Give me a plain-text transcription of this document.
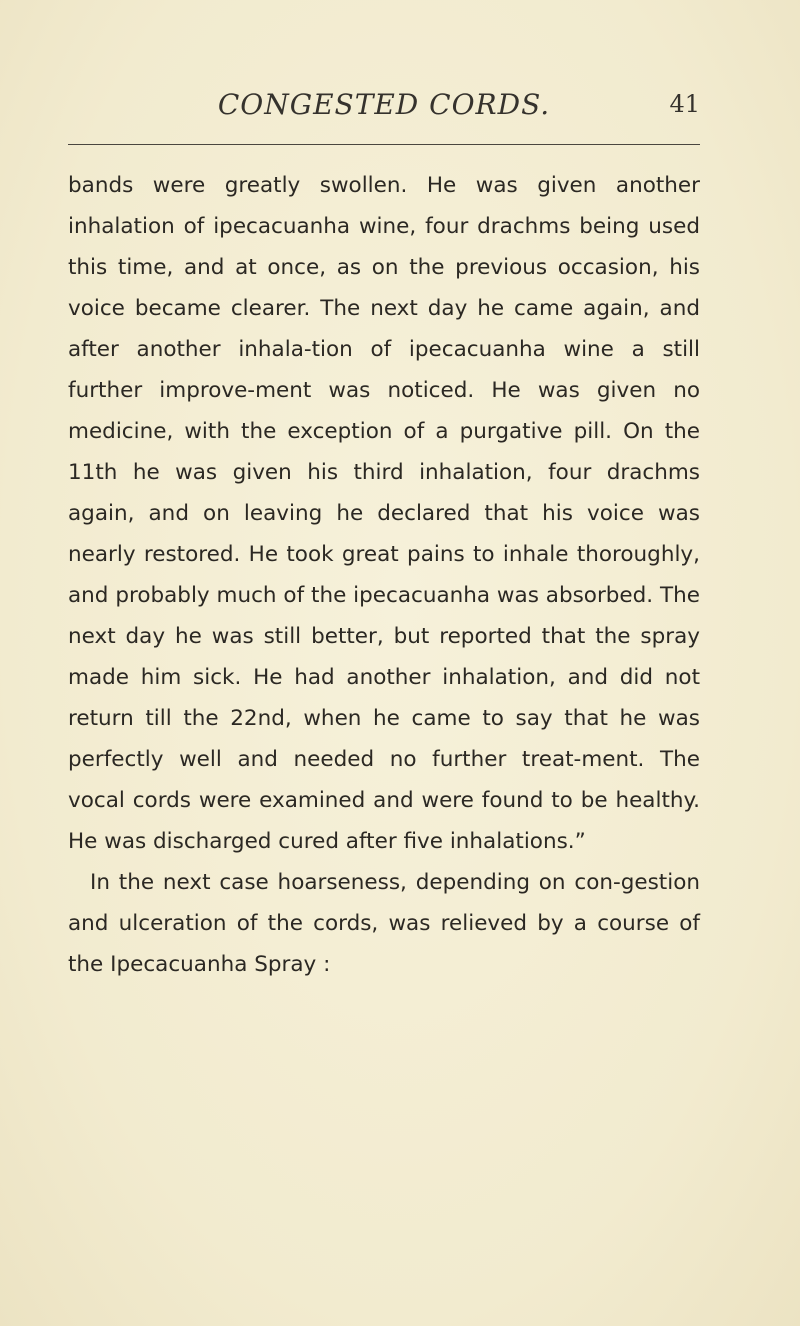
CONGESTED CORDS.	41

bands were greatly swollen. He was given another inhalation of ipecacuanha wine, four drachms being used this time, and at once, as on the previous occasion, his voice became clearer. The next day he came again, and after another inhala-tion of ipecacuanha wine a still further improve-ment was noticed. He was given no medicine, with the exception of a purgative pill. On the 11th he was given his third inhalation, four drachms again, and on leaving he declared that his voice was nearly restored. He took great pains to inhale thoroughly, and probably much of the ipecacuanha was absorbed. The next day he was still better, but reported that the spray made him sick. He had another inhalation, and did not return till the 22nd, when he came to say that he was perfectly well and needed no further treat-ment. The vocal cords were examined and were found to be healthy. He was discharged cured after five inhalations.”

In the next case hoarseness, depending on con-gestion and ulceration of the cords, was relieved by a course of the Ipecacuanha Spray :
